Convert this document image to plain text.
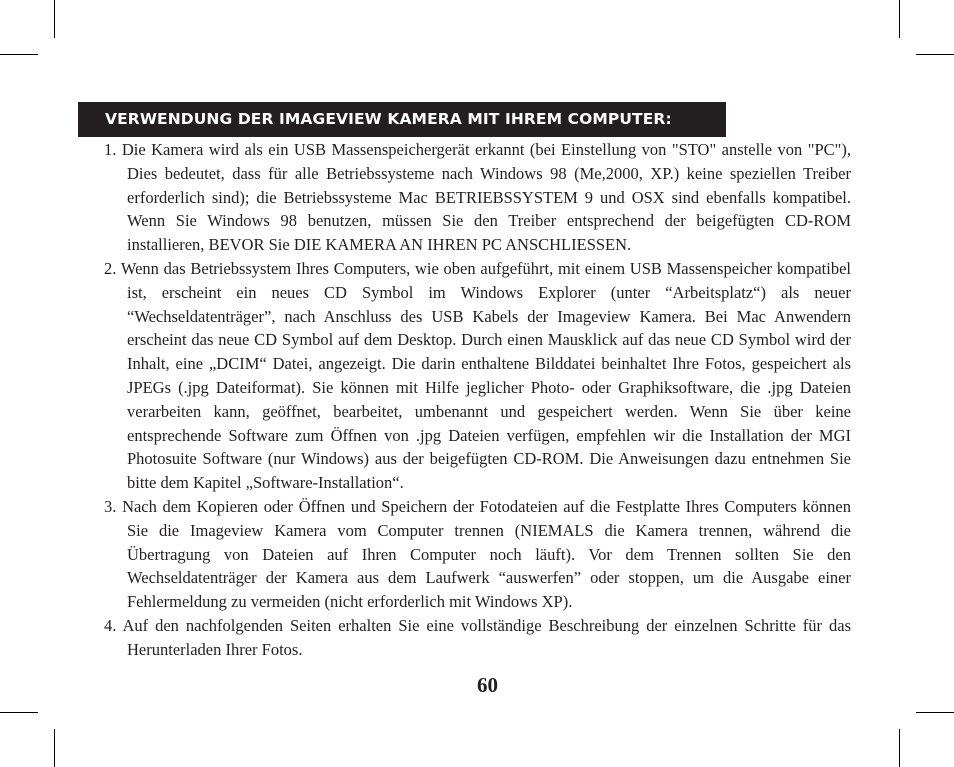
VERWENDUNG DER IMAGEVIEW KAMERA MIT IHREM COMPUTER:

1. Die Kamera wird als ein USB Massenspeichergerät erkannt (bei Einstellung von "STO" anstelle von "PC"), Dies bedeutet, dass für alle Betriebssysteme nach Windows 98 (Me,2000, XP.) keine speziellen Treiber erforderlich sind); die Betriebssysteme Mac BETRIEBSSYSTEM 9 und OSX sind ebenfalls kompatibel. Wenn Sie Windows 98 benutzen, müssen Sie den Treiber entsprechend der beigefügten CD-ROM installieren, BEVOR Sie DIE KAMERA AN IHREN PC ANSCHLIESSEN.

2. Wenn das Betriebssystem Ihres Computers, wie oben aufgeführt, mit einem USB Massenspeicher kompatibel ist, erscheint ein neues CD Symbol im Windows Explorer (unter “Arbeitsplatz“) als neuer “Wechseldatenträger”, nach Anschluss des USB Kabels der Imageview Kamera. Bei Mac Anwendern erscheint das neue CD Symbol auf dem Desktop. Durch einen Mausklick auf das neue CD Symbol wird der Inhalt, eine „DCIM“ Datei, angezeigt. Die darin enthaltene Bilddatei beinhaltet Ihre Fotos, gespeichert als JPEGs (.jpg Dateiformat). Sie können mit Hilfe jeglicher Photo- oder Graphiksoftware, die .jpg Dateien verarbeiten kann, geöffnet, bearbeitet, umbenannt und gespeichert werden. Wenn Sie über keine entsprechende Software zum Öffnen von .jpg Dateien verfügen, empfehlen wir die Installation der MGI Photosuite Software (nur Windows) aus der beigefügten CD-ROM. Die Anweisungen dazu entnehmen Sie bitte dem Kapitel „Software-Installation“.

3. Nach dem Kopieren oder Öffnen und Speichern der Fotodateien auf die Festplatte Ihres Computers können Sie die Imageview Kamera vom Computer trennen (NIEMALS die Kamera trennen, während die Übertragung von Dateien auf Ihren Computer noch läuft). Vor dem Trennen sollten Sie den Wechseldatenträger der Kamera aus dem Laufwerk “auswerfen” oder stoppen, um die Ausgabe einer Fehlermeldung zu vermeiden (nicht erforderlich mit Windows XP).

4. Auf den nachfolgenden Seiten erhalten Sie eine vollständige Beschreibung der einzelnen Schritte für das Herunterladen Ihrer Fotos.

60
